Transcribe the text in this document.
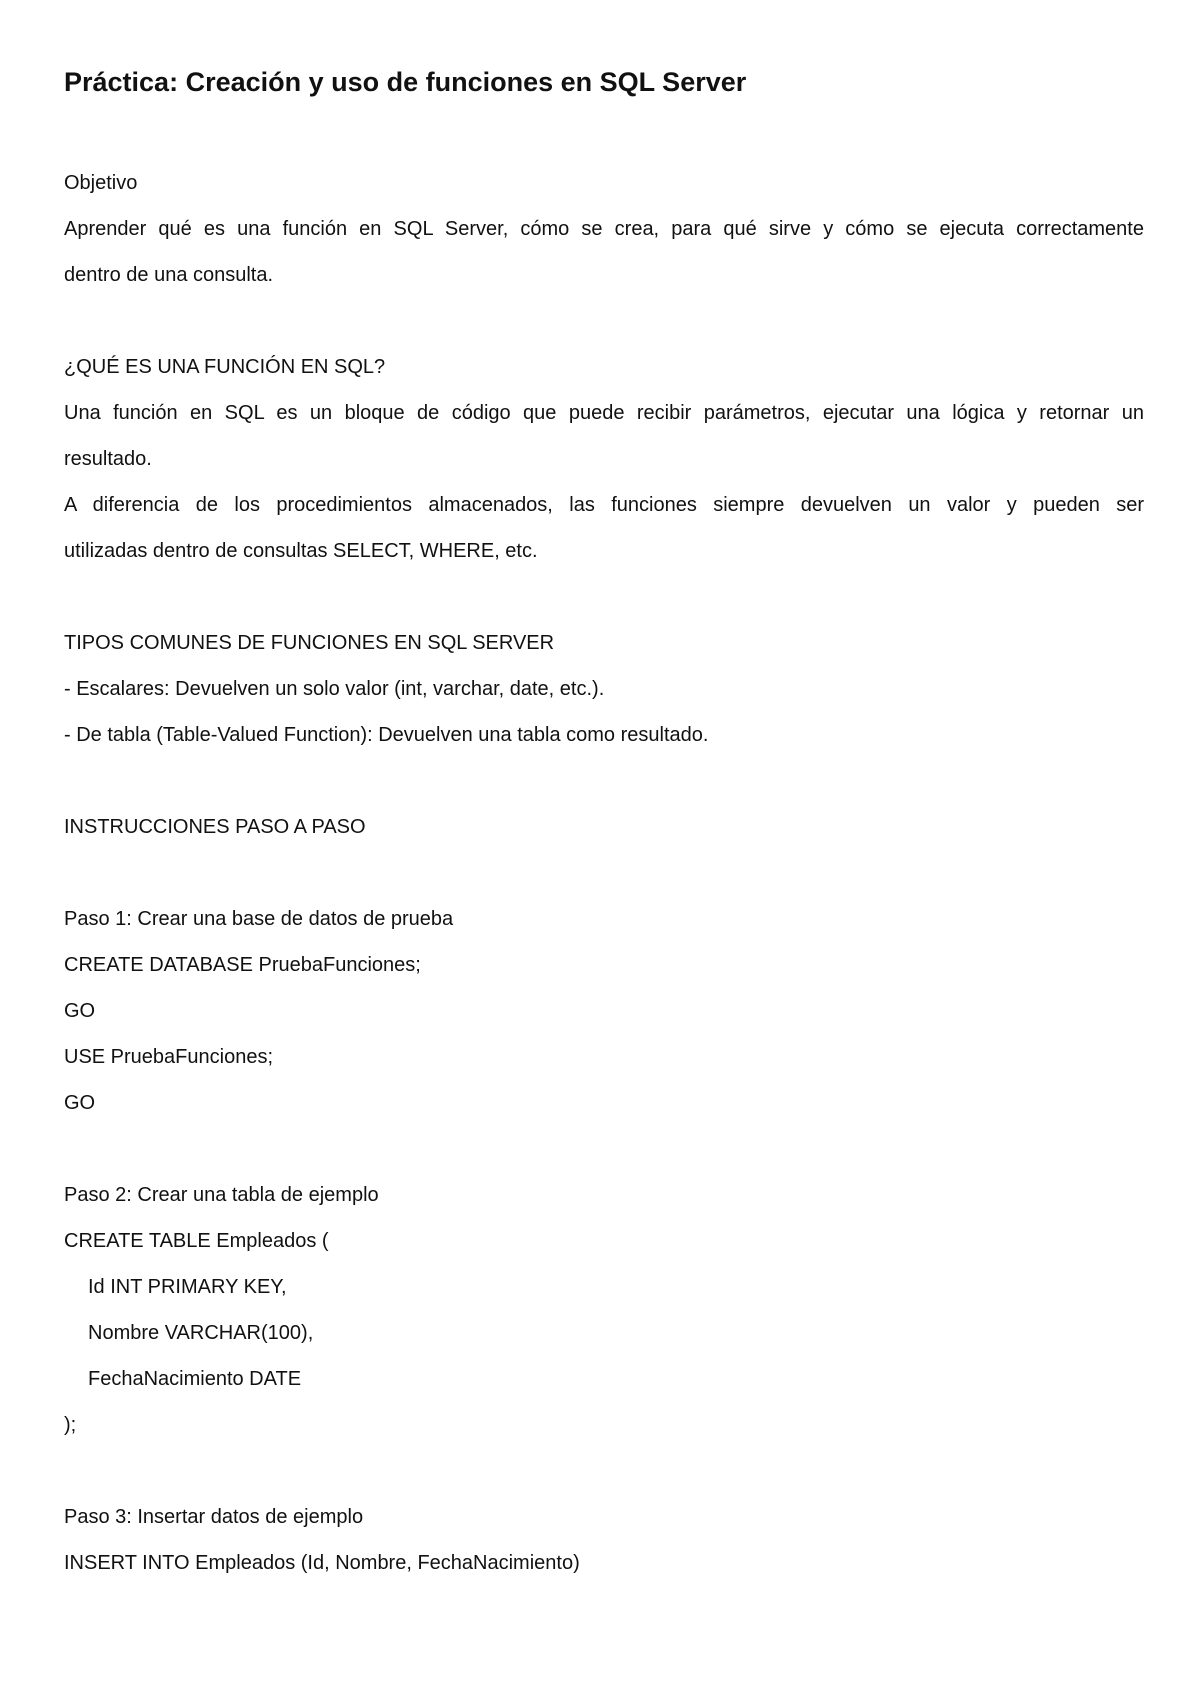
Práctica: Creación y uso de funciones en SQL Server

Objetivo

Aprender qué es una función en SQL Server, cómo se crea, para qué sirve y cómo se ejecuta correctamente

dentro de una consulta.

¿QUÉ ES UNA FUNCIÓN EN SQL?

Una función en SQL es un bloque de código que puede recibir parámetros, ejecutar una lógica y retornar un

resultado.

A diferencia de los procedimientos almacenados, las funciones siempre devuelven un valor y pueden ser

utilizadas dentro de consultas SELECT, WHERE, etc.

TIPOS COMUNES DE FUNCIONES EN SQL SERVER

- Escalares: Devuelven un solo valor (int, varchar, date, etc.).

- De tabla (Table-Valued Function): Devuelven una tabla como resultado.

INSTRUCCIONES PASO A PASO

Paso 1: Crear una base de datos de prueba

CREATE DATABASE PruebaFunciones;

GO

USE PruebaFunciones;

GO

Paso 2: Crear una tabla de ejemplo

CREATE TABLE Empleados (

Id INT PRIMARY KEY,

Nombre VARCHAR(100),

FechaNacimiento DATE

);

Paso 3: Insertar datos de ejemplo

INSERT INTO Empleados (Id, Nombre, FechaNacimiento)
